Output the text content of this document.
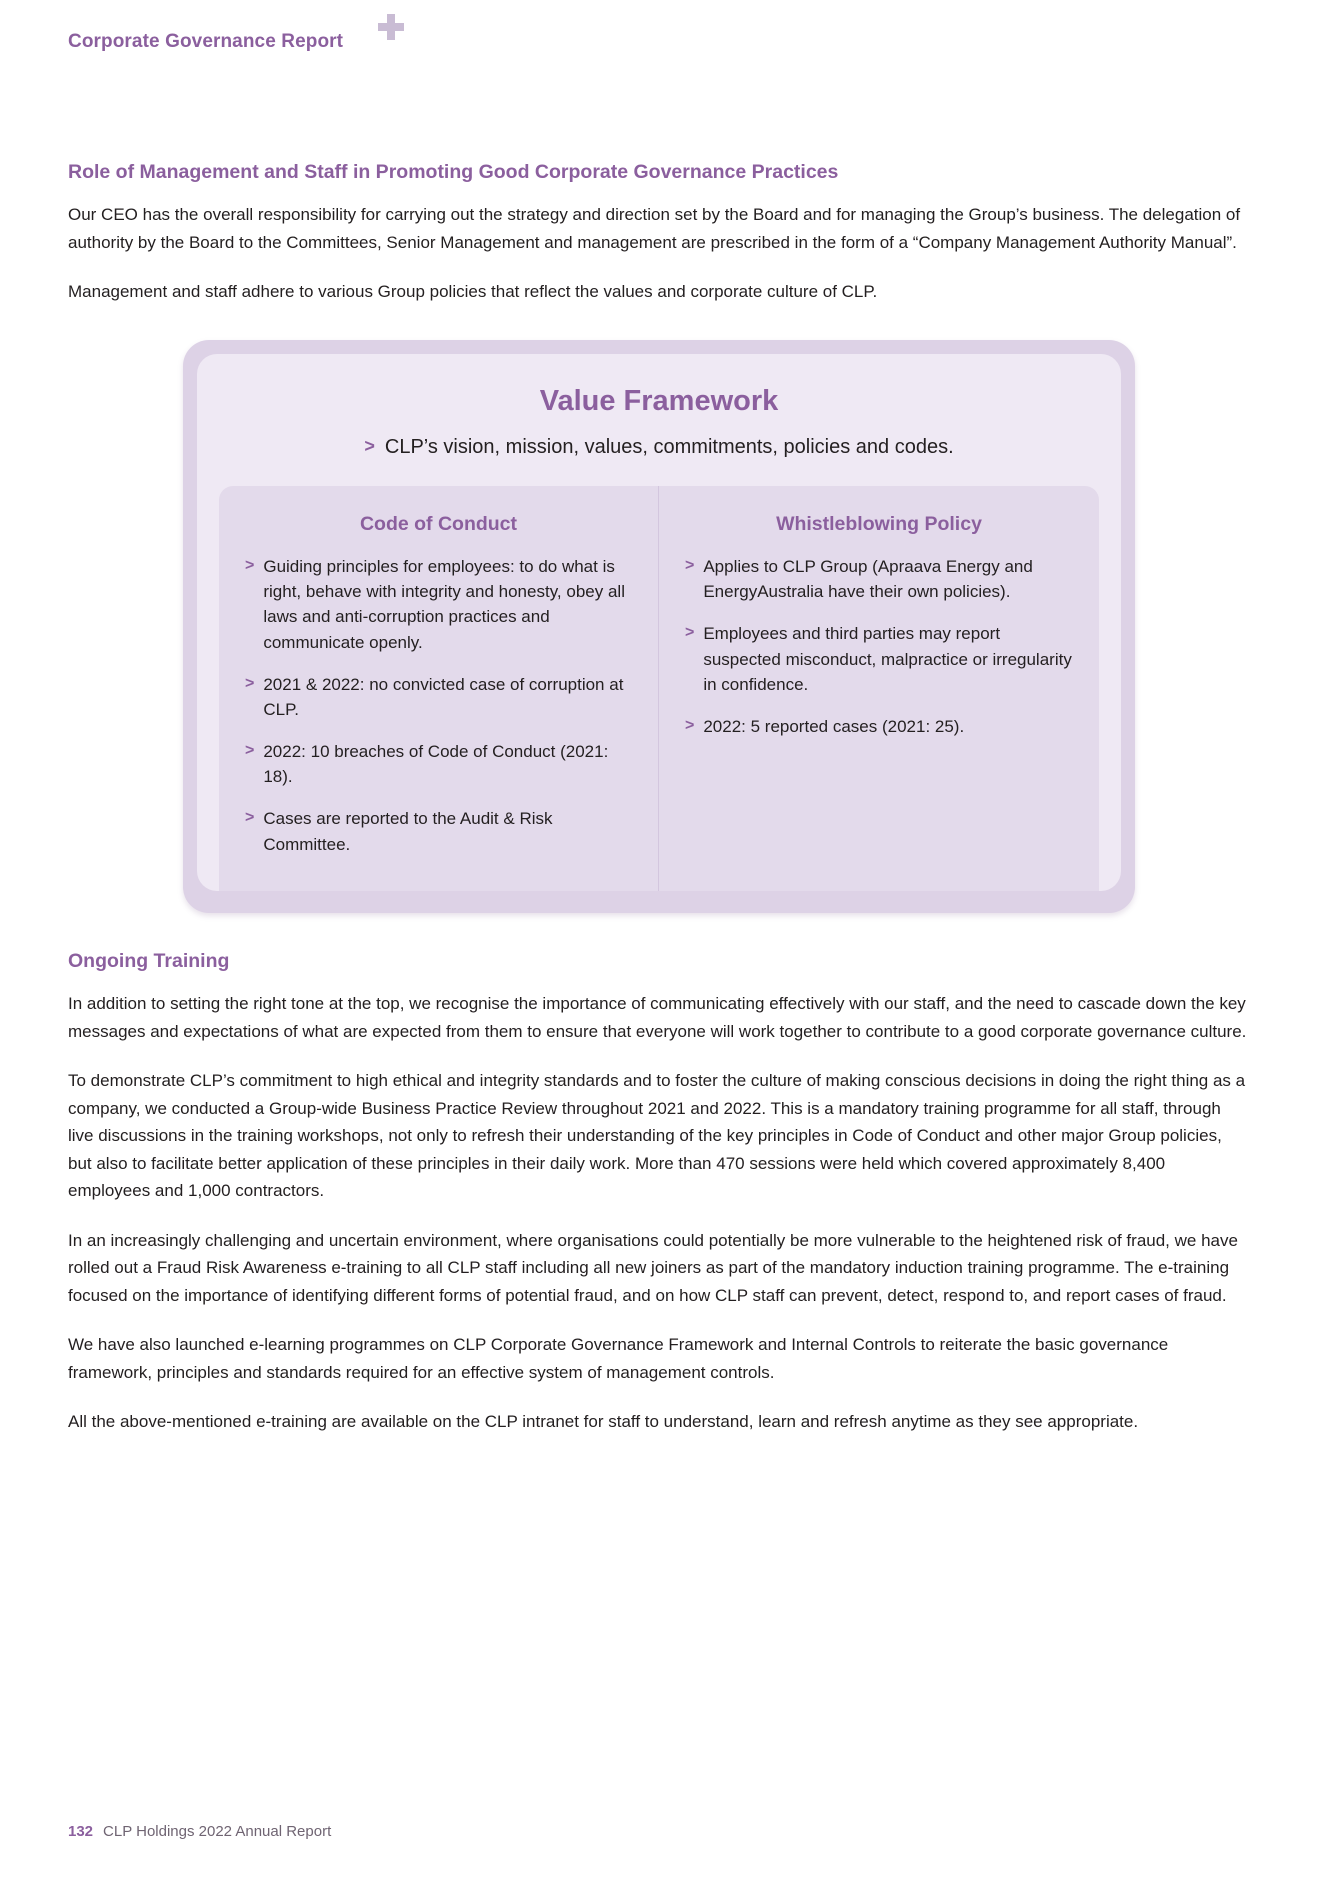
Corporate Governance Report
Role of Management and Staff in Promoting Good Corporate Governance Practices

Our CEO has the overall responsibility for carrying out the strategy and direction set by the Board and for managing the Group’s business. The delegation of authority by the Board to the Committees, Senior Management and management are prescribed in the form of a “Company Management Authority Manual”.

Management and staff adhere to various Group policies that reflect the values and corporate culture of CLP.

Value Framework
> CLP’s vision, mission, values, commitments, policies and codes.
Code of Conduct
> Guiding principles for employees: to do what is right, behave with integrity and honesty, obey all laws and anti-corruption practices and communicate openly.
> 2021 & 2022: no convicted case of corruption at CLP.
> 2022: 10 breaches of Code of Conduct (2021: 18).
> Cases are reported to the Audit & Risk Committee.
Whistleblowing Policy
> Applies to CLP Group (Apraava Energy and EnergyAustralia have their own policies).
> Employees and third parties may report suspected misconduct, malpractice or irregularity in confidence.
> 2022: 5 reported cases (2021: 25).
Ongoing Training

In addition to setting the right tone at the top, we recognise the importance of communicating effectively with our staff, and the need to cascade down the key messages and expectations of what are expected from them to ensure that everyone will work together to contribute to a good corporate governance culture.

To demonstrate CLP’s commitment to high ethical and integrity standards and to foster the culture of making conscious decisions in doing the right thing as a company, we conducted a Group-wide Business Practice Review throughout 2021 and 2022. This is a mandatory training programme for all staff, through live discussions in the training workshops, not only to refresh their understanding of the key principles in Code of Conduct and other major Group policies, but also to facilitate better application of these principles in their daily work. More than 470 sessions were held which covered approximately 8,400 employees and 1,000 contractors.

In an increasingly challenging and uncertain environment, where organisations could potentially be more vulnerable to the heightened risk of fraud, we have rolled out a Fraud Risk Awareness e-training to all CLP staff including all new joiners as part of the mandatory induction training programme. The e-training focused on the importance of identifying different forms of potential fraud, and on how CLP staff can prevent, detect, respond to, and report cases of fraud.

We have also launched e-learning programmes on CLP Corporate Governance Framework and Internal Controls to reiterate the basic governance framework, principles and standards required for an effective system of management controls.

All the above-mentioned e-training are available on the CLP intranet for staff to understand, learn and refresh anytime as they see appropriate.

132 CLP Holdings 2022 Annual Report
